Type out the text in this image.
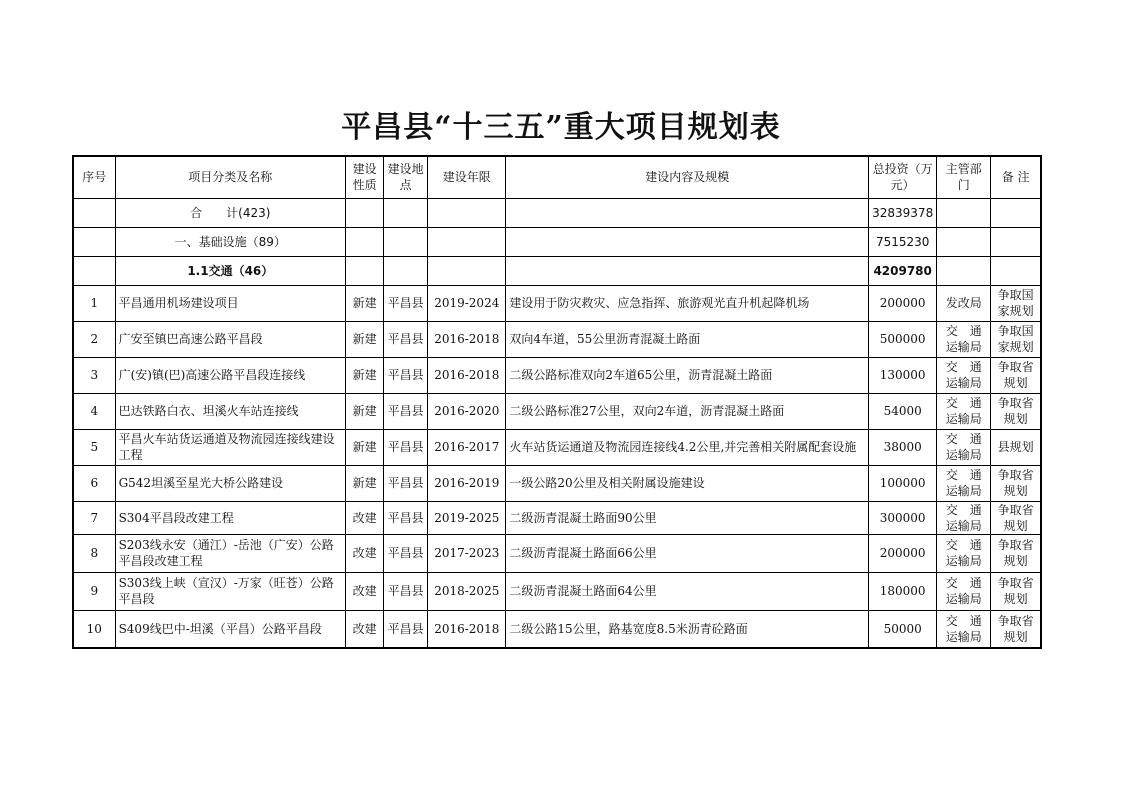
平昌县“十三五”重大项目规划表
序号	项目分类及名称	建设性质	建设地点	建设年限	建设内容及规模	总投资（万元）	主管部门	备 注
	合　　计(423)					32839378		
	一、基础设施（89）					7515230		
	1.1交通（46）					4209780		
1	平昌通用机场建设项目	新建	平昌县	2019-2024	建设用于防灾救灾、应急指挥、旅游观光直升机起降机场	200000	发改局	争取国家规划
2	广安至镇巴高速公路平昌段	新建	平昌县	2016-2018	双向4车道，55公里沥青混凝土路面	500000	交　通运输局	争取国家规划
3	广(安)镇(巴)高速公路平昌段连接线	新建	平昌县	2016-2018	二级公路标准双向2车道65公里，沥青混凝土路面	130000	交　通运输局	争取省规划
4	巴达铁路白衣、坦溪火车站连接线	新建	平昌县	2016-2020	二级公路标准27公里，双向2车道，沥青混凝土路面	54000	交　通运输局	争取省规划
5	平昌火车站货运通道及物流园连接线建设工程	新建	平昌县	2016-2017	火车站货运通道及物流园连接线4.2公里,并完善相关附属配套设施	38000	交　通运输局	县规划
6	G542坦溪至星光大桥公路建设	新建	平昌县	2016-2019	一级公路20公里及相关附属设施建设	100000	交　通运输局	争取省规划
7	S304平昌段改建工程	改建	平昌县	2019-2025	二级沥青混凝土路面90公里	300000	交　通运输局	争取省规划
8	S203线永安（通江）-岳池（广安）公路平昌段改建工程	改建	平昌县	2017-2023	二级沥青混凝土路面66公里	200000	交　通运输局	争取省规划
9	S303线上峡（宣汉）-万家（旺苍）公路平昌段	改建	平昌县	2018-2025	二级沥青混凝土路面64公里	180000	交　通运输局	争取省规划
10	S409线巴中-坦溪（平昌）公路平昌段	改建	平昌县	2016-2018	二级公路15公里，路基宽度8.5米沥青砼路面	50000	交　通运输局	争取省规划
